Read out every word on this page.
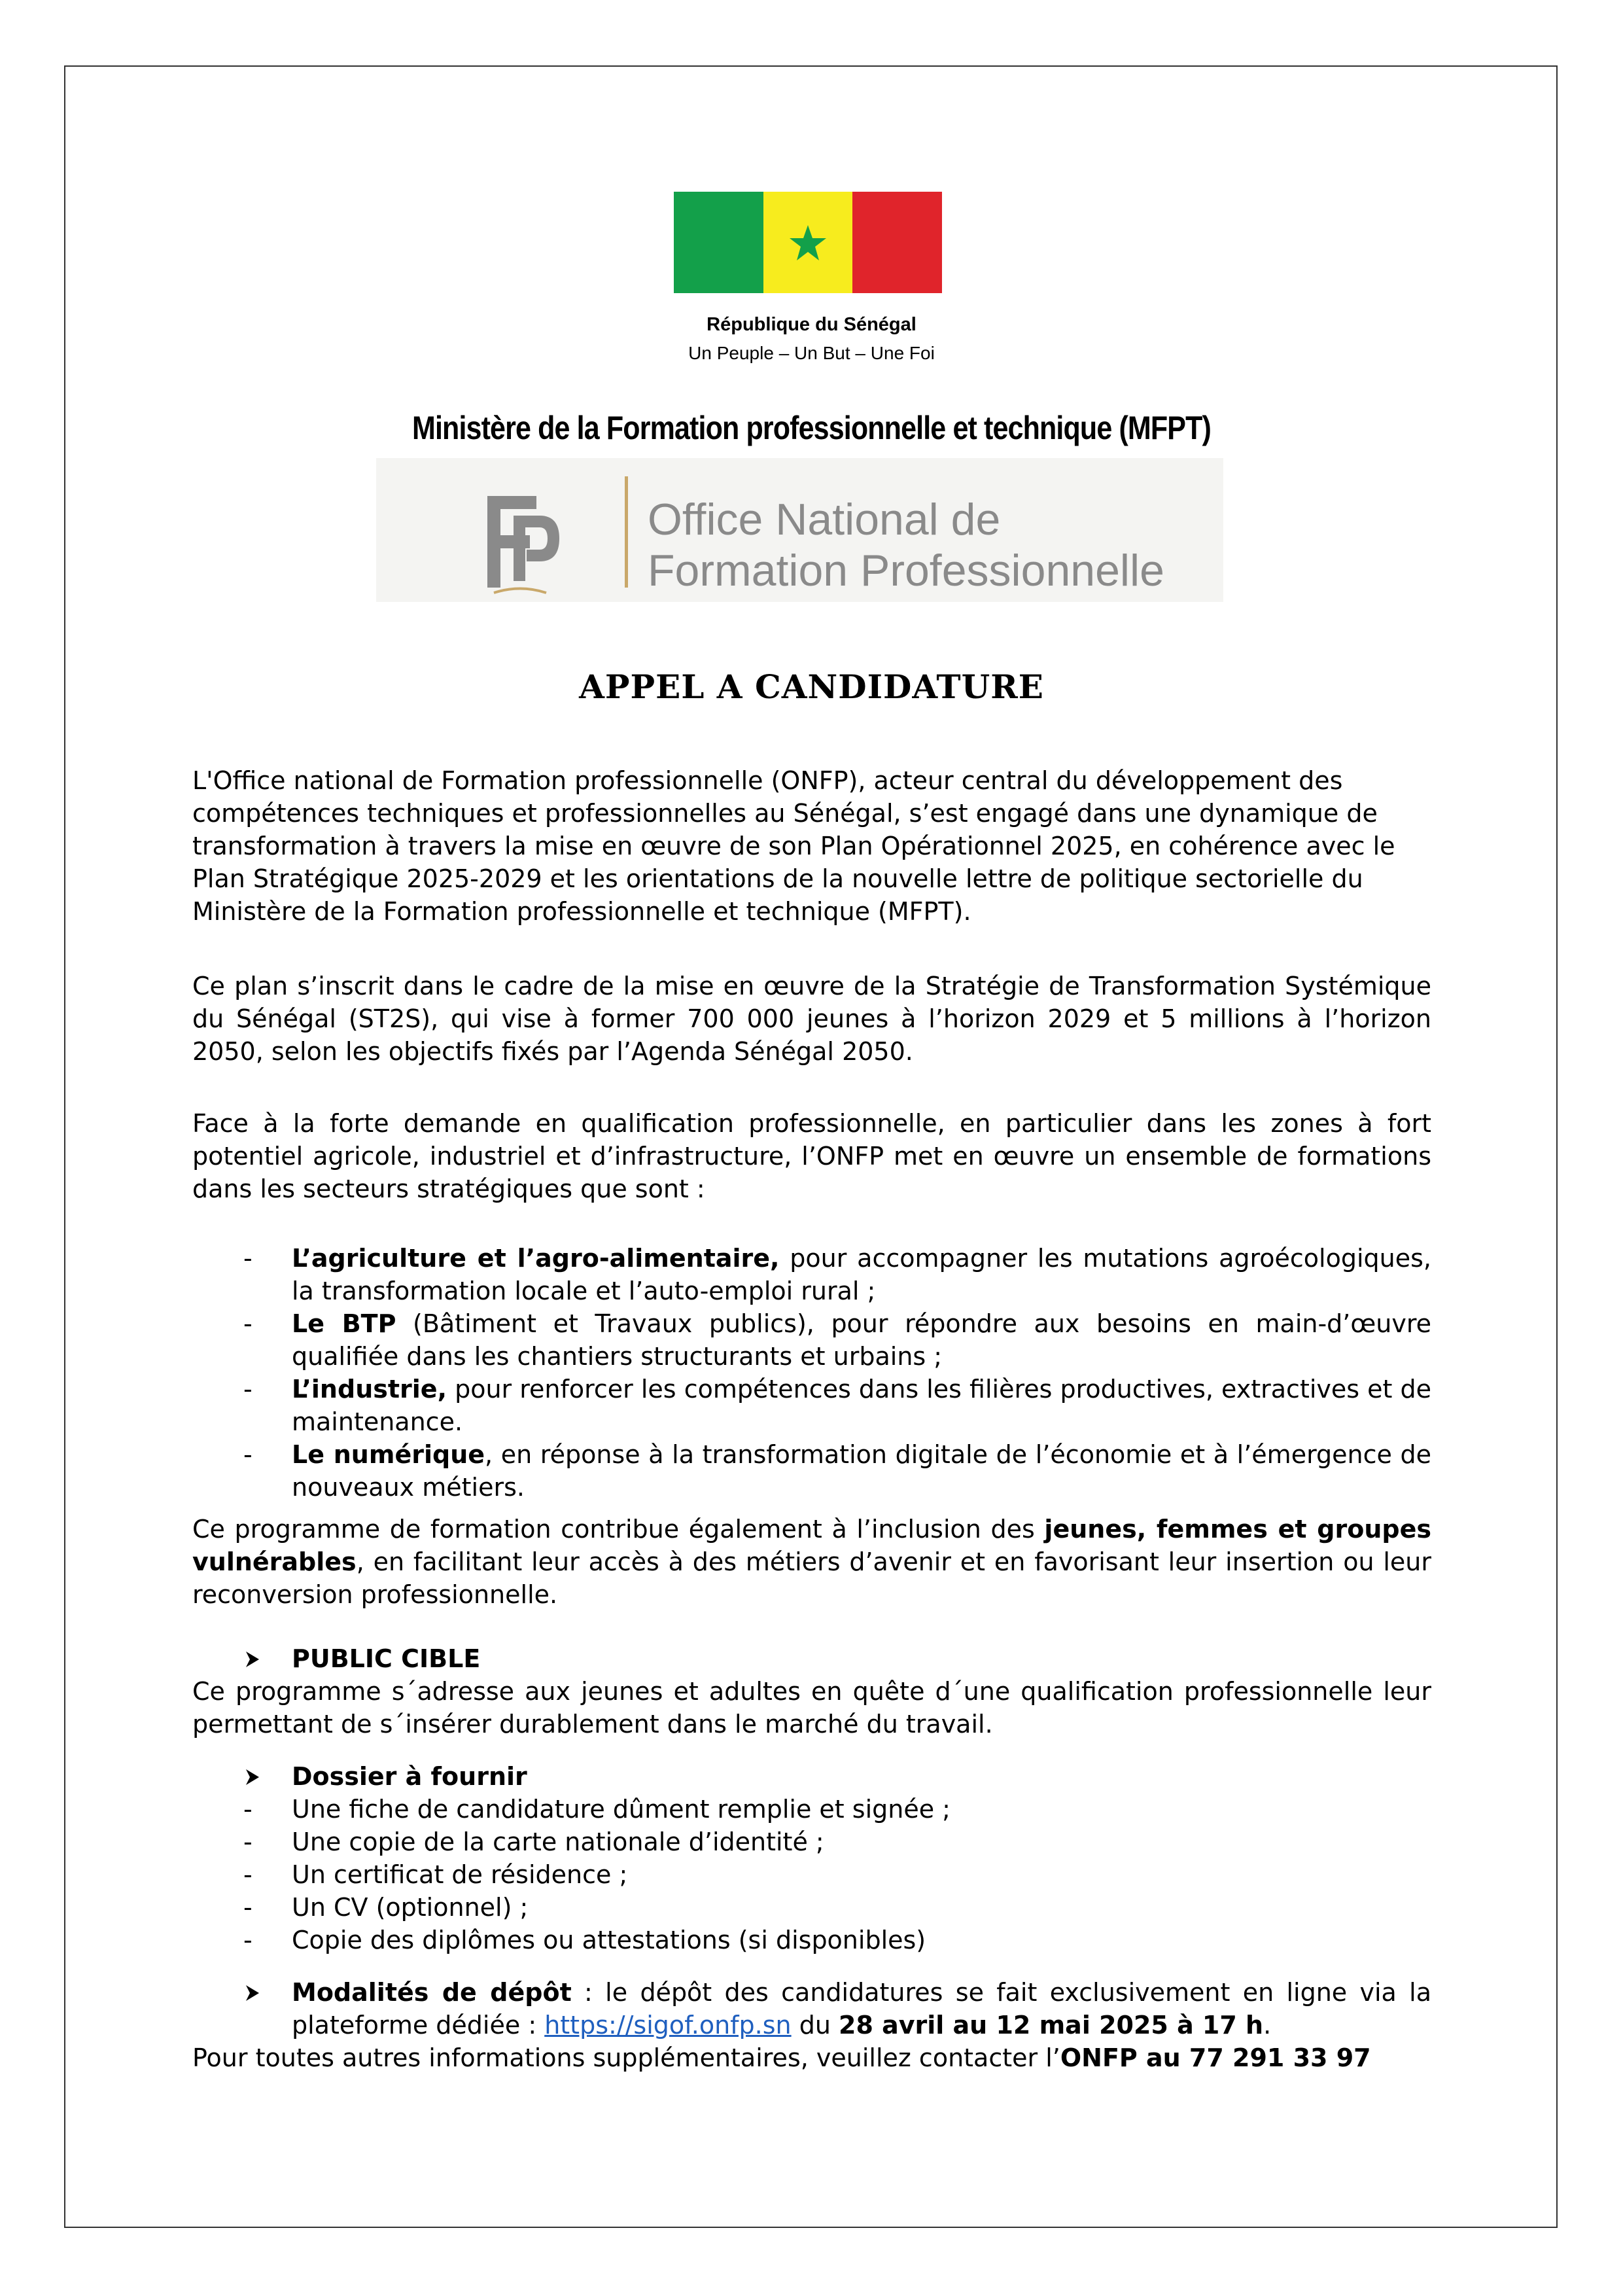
République du Sénégal
Un Peuple – Un But – Une Foi
Ministère de la Formation professionnelle et technique (MFPT)
Office National de
Formation Professionnelle
APPEL A CANDIDATURE
L'Office national de Formation professionnelle (ONFP), acteur central du développement des compétences techniques et professionnelles au Sénégal, s’est engagé dans une dynamique de transformation à travers la mise en œuvre de son Plan Opérationnel 2025, en cohérence avec le Plan Stratégique 2025-2029 et les orientations de la nouvelle lettre de politique sectorielle du Ministère de la Formation professionnelle et technique (MFPT).
Ce plan s’inscrit dans le cadre de la mise en œuvre de la Stratégie de Transformation Systémique du Sénégal (ST2S), qui vise à former 700 000 jeunes à l’horizon 2029 et 5 millions à l’horizon 2050, selon les objectifs fixés par l’Agenda Sénégal 2050.
Face à la forte demande en qualification professionnelle, en particulier dans les zones à fort potentiel agricole, industriel et d’infrastructure, l’ONFP met en œuvre un ensemble de formations dans les secteurs stratégiques que sont :
- L’agriculture et l’agro-alimentaire, pour accompagner les mutations agroécologiques, la transformation locale et l’auto-emploi rural ;
- Le BTP (Bâtiment et Travaux publics), pour répondre aux besoins en main-d’œuvre qualifiée dans les chantiers structurants et urbains ;
- L’industrie, pour renforcer les compétences dans les filières productives, extractives et de maintenance.
- Le numérique, en réponse à la transformation digitale de l’économie et à l’émergence de nouveaux métiers.
Ce programme de formation contribue également à l’inclusion des jeunes, femmes et groupes vulnérables, en facilitant leur accès à des métiers d’avenir et en favorisant leur insertion ou leur reconversion professionnelle.
PUBLIC CIBLE
Ce programme s´adresse aux jeunes et adultes en quête d´une qualification professionnelle leur permettant de s´insérer durablement dans le marché du travail.
Dossier à fournir
- Une fiche de candidature dûment remplie et signée ;
- Une copie de la carte nationale d’identité ;
- Un certificat de résidence ;
- Un CV (optionnel) ;
- Copie des diplômes ou attestations (si disponibles)
Modalités de dépôt : le dépôt des candidatures se fait exclusivement en ligne via la plateforme dédiée : https://sigof.onfp.sn du 28 avril au 12 mai 2025 à 17 h.
Pour toutes autres informations supplémentaires, veuillez contacter l’ONFP au 77 291 33 97
